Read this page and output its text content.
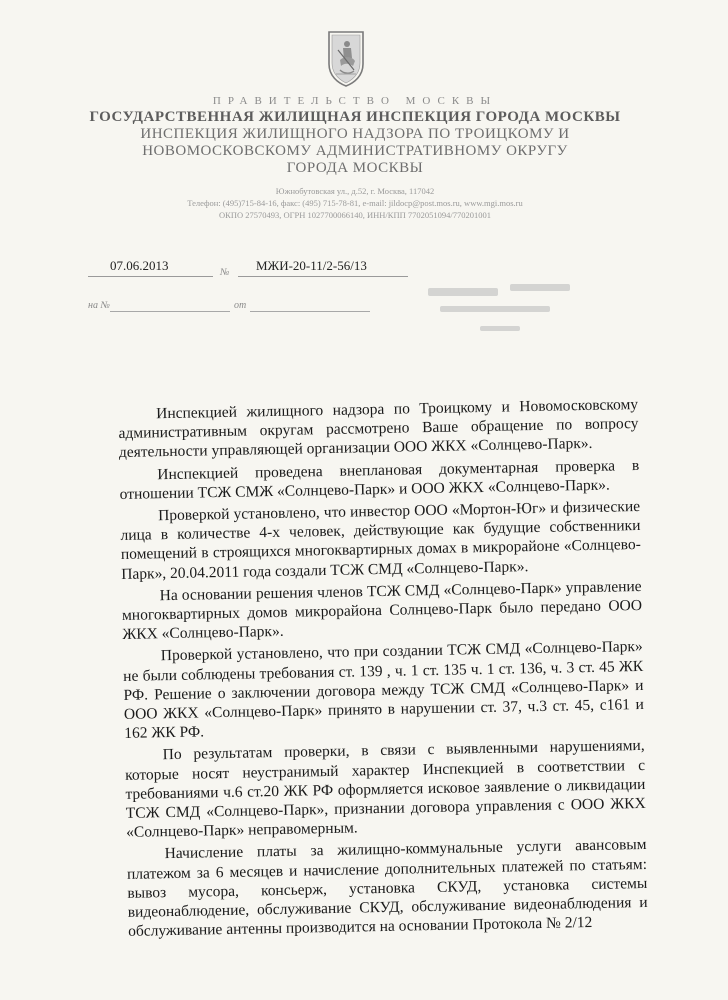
ПРАВИТЕЛЬСТВО МОСКВЫ

ГОСУДАРСТВЕННАЯ ЖИЛИЩНАЯ ИНСПЕКЦИЯ ГОРОДА МОСКВЫ

ИНСПЕКЦИЯ ЖИЛИЩНОГО НАДЗОРА ПО ТРОИЦКОМУ И

НОВОМОСКОВСКОМУ АДМИНИСТРАТИВНОМУ ОКРУГУ

ГОРОДА МОСКВЫ

Южнобутовская ул., д.52, г. Москва, 117042
Телефон: (495)715-84-16, факс: (495) 715-78-81, e-mail: jildocp@post.mos.ru, www.mgi.mos.ru
ОКПО 27570493, ОГРН 1027700066140, ИНН/КПП 7702051094/770201001
07.06.2013	№ МЖИ-20-11/2-56/13
на №	от

Инспекцией жилищного надзора по Троицкому и Новомосковскому административным округам рассмотрено Ваше обращение по вопросу деятельности управляющей организации ООО ЖКХ «Солнцево-Парк».

Инспекцией проведена внеплановая документарная проверка в отношении ТСЖ СМЖ «Солнцево-Парк» и ООО ЖКХ «Солнцево-Парк».

Проверкой установлено, что инвестор ООО «Мортон-Юг» и физические лица в количестве 4-х человек, действующие как будущие собственники помещений в строящихся многоквартирных домах в микрорайоне «Солнцево-Парк», 20.04.2011 года создали ТСЖ СМД «Солнцево-Парк».

На основании решения членов ТСЖ СМД «Солнцево-Парк» управление многоквартирных домов микрорайона Солнцево-Парк было передано ООО ЖКХ «Солнцево-Парк».

Проверкой установлено, что при создании ТСЖ СМД «Солнцево-Парк» не были соблюдены требования ст. 139 , ч. 1 ст. 135 ч. 1 ст. 136, ч. 3 ст. 45 ЖК РФ. Решение о заключении договора между ТСЖ СМД «Солнцево-Парк» и ООО ЖКХ «Солнцево-Парк» принято в нарушении ст. 37, ч.3 ст. 45, с161 и 162 ЖК РФ.

По результатам проверки, в связи с выявленными нарушениями, которые носят неустранимый характер Инспекцией в соответствии с требованиями ч.6 ст.20 ЖК РФ оформляется исковое заявление о ликвидации ТСЖ СМД «Солнцево-Парк», признании договора управления с ООО ЖКХ «Солнцево-Парк» неправомерным.

Начисление платы за жилищно-коммунальные услуги авансовым платежом за 6 месяцев и начисление дополнительных платежей по статьям: вывоз мусора, консьерж, установка СКУД, установка системы видеонаблюдение, обслуживание СКУД, обслуживание видеонаблюдения и обслуживание антенны производится на основании Протокола № 2/12
